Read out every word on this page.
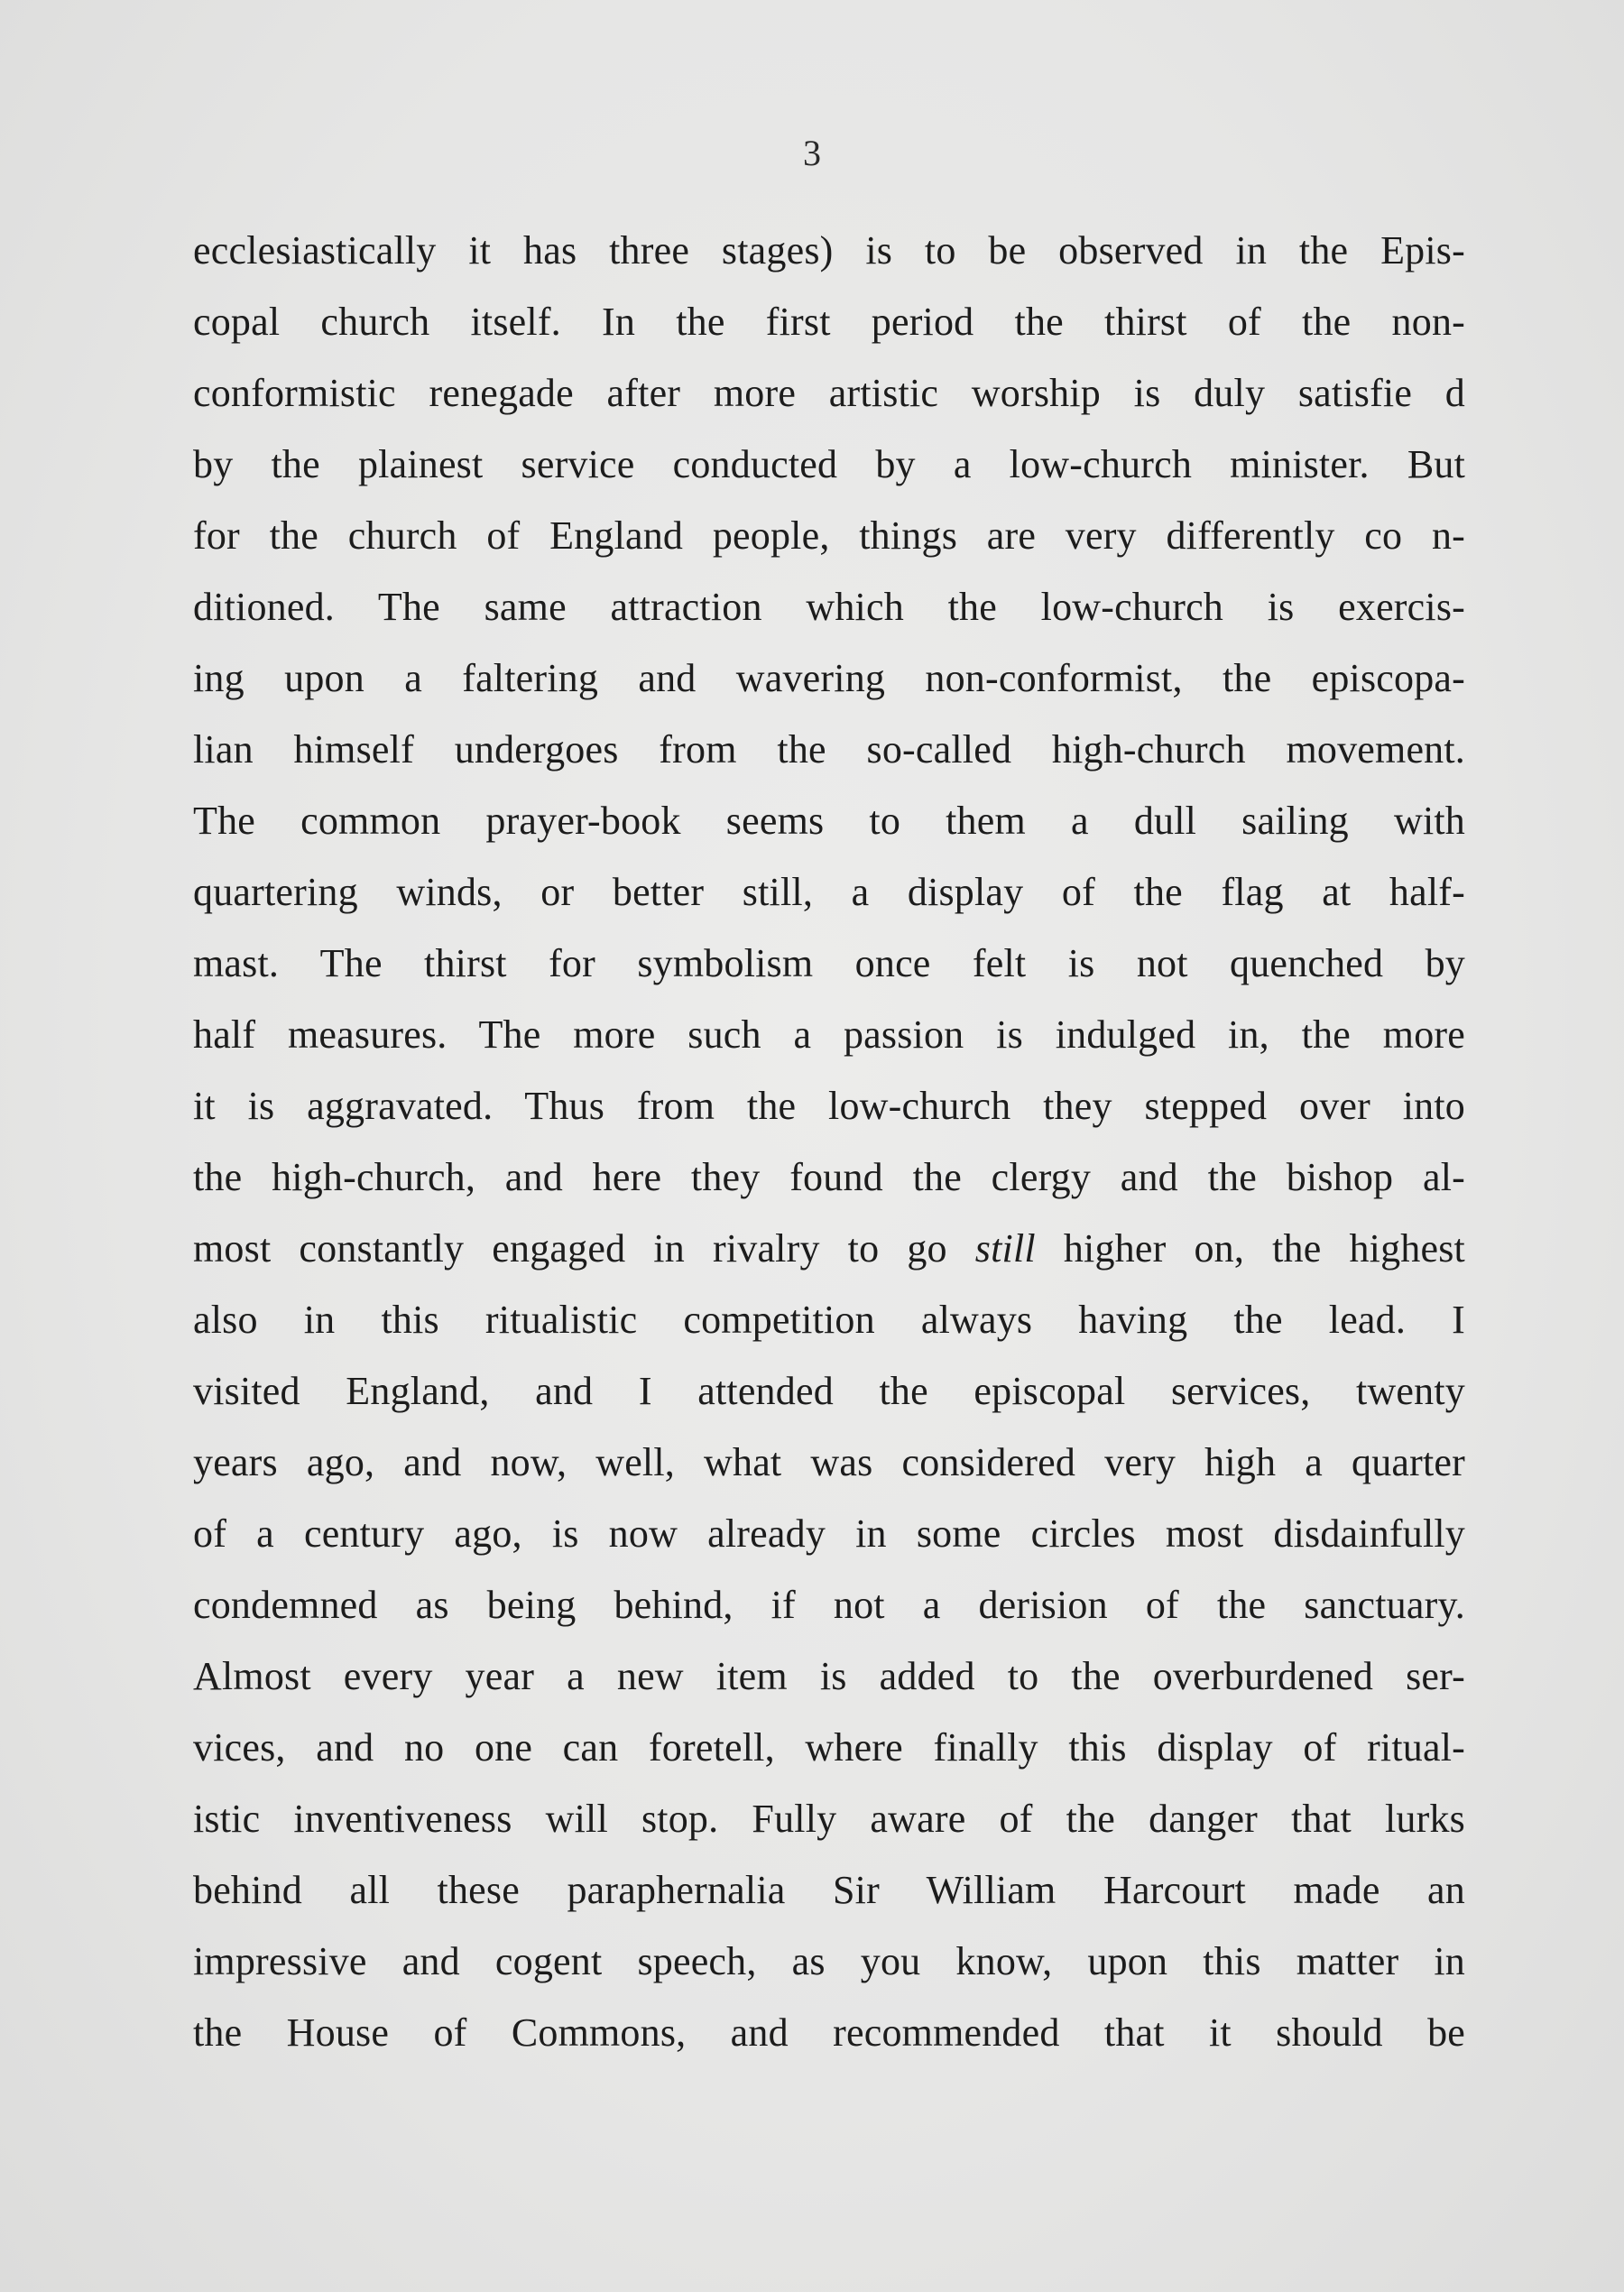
3
ecclesiastically it has three stages) is to be observed in the Epis-
copal church itself. In the first period the thirst of the non-
conformistic renegade after more artistic worship is duly satisfie d
by the plainest service conducted by a low-church minister. But
for the church of England people, things are very differently co n-
ditioned. The same attraction which the low-church is exercis-
ing upon a faltering and wavering non-conformist, the episcopa-
lian himself undergoes from the so-called high-church movement.
The common prayer-book seems to them a dull sailing with
quartering winds, or better still, a display of the flag at half-
mast. The thirst for symbolism once felt is not quenched by
half measures. The more such a passion is indulged in, the more
it is aggravated. Thus from the low-church they stepped over into
the high-church, and here they found the clergy and the bishop al-
most constantly engaged in rivalry to go still higher on, the highest
also in this ritualistic competition always having the lead. I
visited England, and I attended the episcopal services, twenty
years ago, and now, well, what was considered very high a quarter
of a century ago, is now already in some circles most disdainfully
condemned as being behind, if not a derision of the sanctuary.
Almost every year a new item is added to the overburdened ser-
vices, and no one can foretell, where finally this display of ritual-
istic inventiveness will stop. Fully aware of the danger that lurks
behind all these paraphernalia Sir William Harcourt made an
impressive and cogent speech, as you know, upon this matter in
the House of Commons, and recommended that it should be
